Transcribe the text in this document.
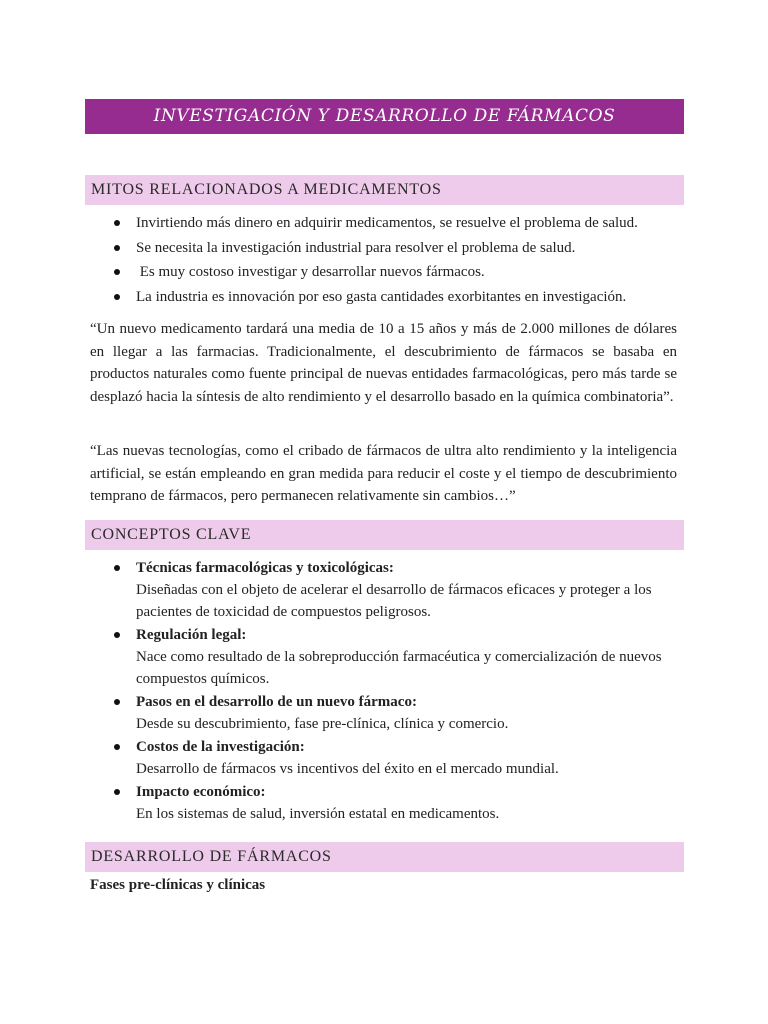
INVESTIGACIÓN Y DESARROLLO DE FÁRMACOS
MITOS RELACIONADOS A MEDICAMENTOS
Invirtiendo más dinero en adquirir medicamentos, se resuelve el problema de salud.
Se necesita la investigación industrial para resolver el problema de salud.
Es muy costoso investigar y desarrollar nuevos fármacos.
La industria es innovación por eso gasta cantidades exorbitantes en investigación.

“Un nuevo medicamento tardará una media de 10 a 15 años y más de 2.000 millones de dólares en llegar a las farmacias. Tradicionalmente, el descubrimiento de fármacos se basaba en productos naturales como fuente principal de nuevas entidades farmacológicas, pero más tarde se desplazó hacia la síntesis de alto rendimiento y el desarrollo basado en la química combinatoria”.

“Las nuevas tecnologías, como el cribado de fármacos de ultra alto rendimiento y la inteligencia artificial, se están empleando en gran medida para reducir el coste y el tiempo de descubrimiento temprano de fármacos, pero permanecen relativamente sin cambios…”

CONCEPTOS CLAVE
Técnicas farmacológicas y toxicológicas:
Diseñadas con el objeto de acelerar el desarrollo de fármacos eficaces y proteger a los pacientes de toxicidad de compuestos peligrosos.
Regulación legal:
Nace como resultado de la sobreproducción farmacéutica y comercialización de nuevos compuestos químicos.
Pasos en el desarrollo de un nuevo fármaco:
Desde su descubrimiento, fase pre-clínica, clínica y comercio.
Costos de la investigación:
Desarrollo de fármacos vs incentivos del éxito en el mercado mundial.
Impacto económico:
En los sistemas de salud, inversión estatal en medicamentos.
DESARROLLO DE FÁRMACOS
Fases pre-clínicas y clínicas
